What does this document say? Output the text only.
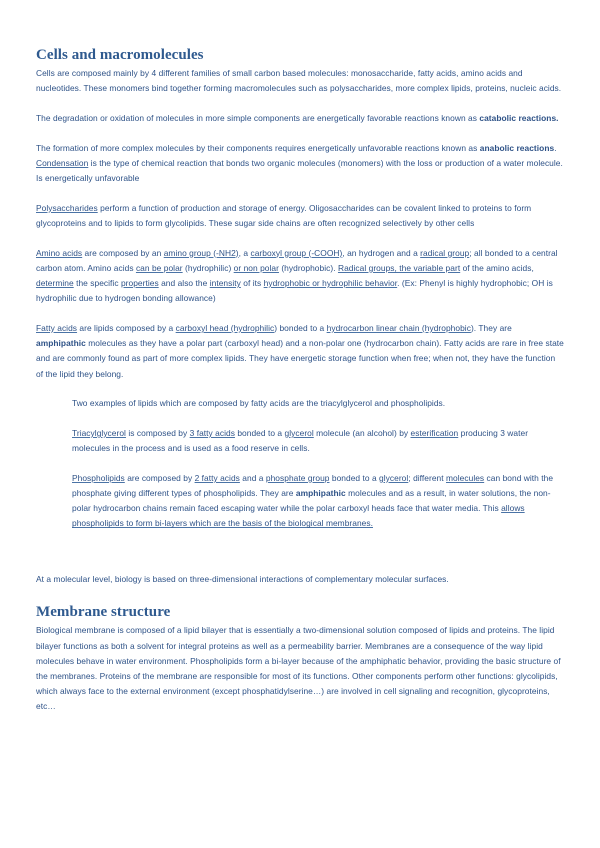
Cells and macromolecules

Cells are composed mainly by 4 different families of small carbon based molecules: monosaccharide, fatty acids, amino acids and nucleotides. These monomers bind together forming macromolecules such as polysaccharides, more complex lipids, proteins, nucleic acids.

The degradation or oxidation of molecules in more simple components are energetically favorable reactions known as catabolic reactions.

The formation of more complex molecules by their components requires energetically unfavorable reactions known as anabolic reactions. Condensation is the type of chemical reaction that bonds two organic molecules (monomers) with the loss or production of a water molecule. Is energetically unfavorable

Polysaccharides perform a function of production and storage of energy. Oligosaccharides can be covalent linked to proteins to form glycoproteins and to lipids to form glycolipids. These sugar side chains are often recognized selectively by other cells

Amino acids are composed by an amino group (-NH2), a carboxyl group (-COOH), an hydrogen and a radical group; all bonded to a central carbon atom. Amino acids can be polar (hydrophilic) or non polar (hydrophobic). Radical groups, the variable part of the amino acids, determine the specific properties and also the intensity of its hydrophobic or hydrophilic behavior. (Ex: Phenyl is highly hydrophobic; OH is hydrophilic due to hydrogen bonding allowance)

Fatty acids are lipids composed by a carboxyl head (hydrophilic) bonded to a hydrocarbon linear chain (hydrophobic). They are amphipathic molecules as they have a polar part (carboxyl head) and a non-polar one (hydrocarbon chain). Fatty acids are rare in free state and are commonly found as part of more complex lipids. They have energetic storage function when free; when not, they have the function of the lipid they belong.

Two examples of lipids which are composed by fatty acids are the triacylglycerol and phospholipids.

Triacylglycerol is composed by 3 fatty acids bonded to a glycerol molecule (an alcohol) by esterification producing 3 water molecules in the process and is used as a food reserve in cells.

Phospholipids are composed by 2 fatty acids and a phosphate group bonded to a glycerol; different molecules can bond with the phosphate giving different types of phospholipids. They are amphipathic molecules and as a result, in water solutions, the non-polar hydrocarbon chains remain faced escaping water while the polar carboxyl heads face that water media. This allows phospholipids to form bi-layers which are the basis of the biological membranes.

At a molecular level, biology is based on three-dimensional interactions of complementary molecular surfaces.

Membrane structure

Biological membrane is composed of a lipid bilayer that is essentially a two-dimensional solution composed of lipids and proteins. The lipid bilayer functions as both a solvent for integral proteins as well as a permeability barrier. Membranes are a consequence of the way lipid molecules behave in water environment. Phospholipids form a bi-layer because of the amphiphatic behavior, providing the basic structure of the membranes. Proteins of the membrane are responsible for most of its functions. Other components perform other functions: glycolipids, which always face to the external environment (except phosphatidylserine…) are involved in cell signaling and recognition, glycoproteins, etc…
